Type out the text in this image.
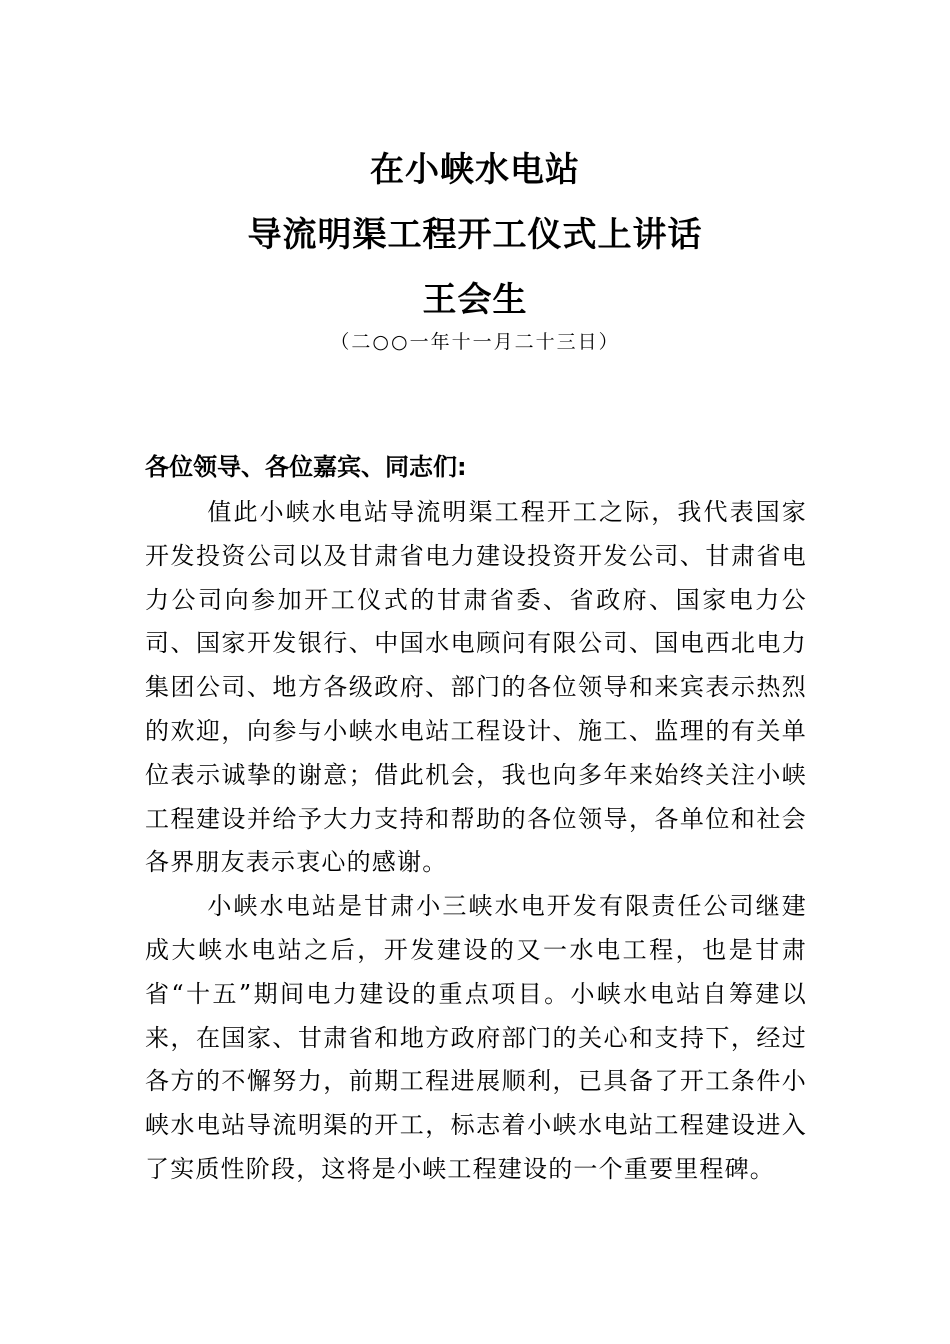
在小峡水电站
导流明渠工程开工仪式上讲话
王会生
（二○○一年十一月二十三日）
各位领导、各位嘉宾、同志们:

值此小峡水电站导流明渠工程开工之际，我代表国家开发投资公司以及甘肃省电力建设投资开发公司、甘肃省电力公司向参加开工仪式的甘肃省委、省政府、国家电力公司、国家开发银行、中国水电顾问有限公司、国电西北电力集团公司、地方各级政府、部门的各位领导和来宾表示热烈的欢迎，向参与小峡水电站工程设计、施工、监理的有关单位表示诚挚的谢意；借此机会，我也向多年来始终关注小峡工程建设并给予大力支持和帮助的各位领导，各单位和社会各界朋友表示衷心的感谢。

小峡水电站是甘肃小三峡水电开发有限责任公司继建成大峡水电站之后，开发建设的又一水电工程，也是甘肃省“十五”期间电力建设的重点项目。小峡水电站自筹建以来，在国家、甘肃省和地方政府部门的关心和支持下，经过各方的不懈努力，前期工程进展顺利，已具备了开工条件小峡水电站导流明渠的开工，标志着小峡水电站工程建设进入了实质性阶段，这将是小峡工程建设的一个重要里程碑。
